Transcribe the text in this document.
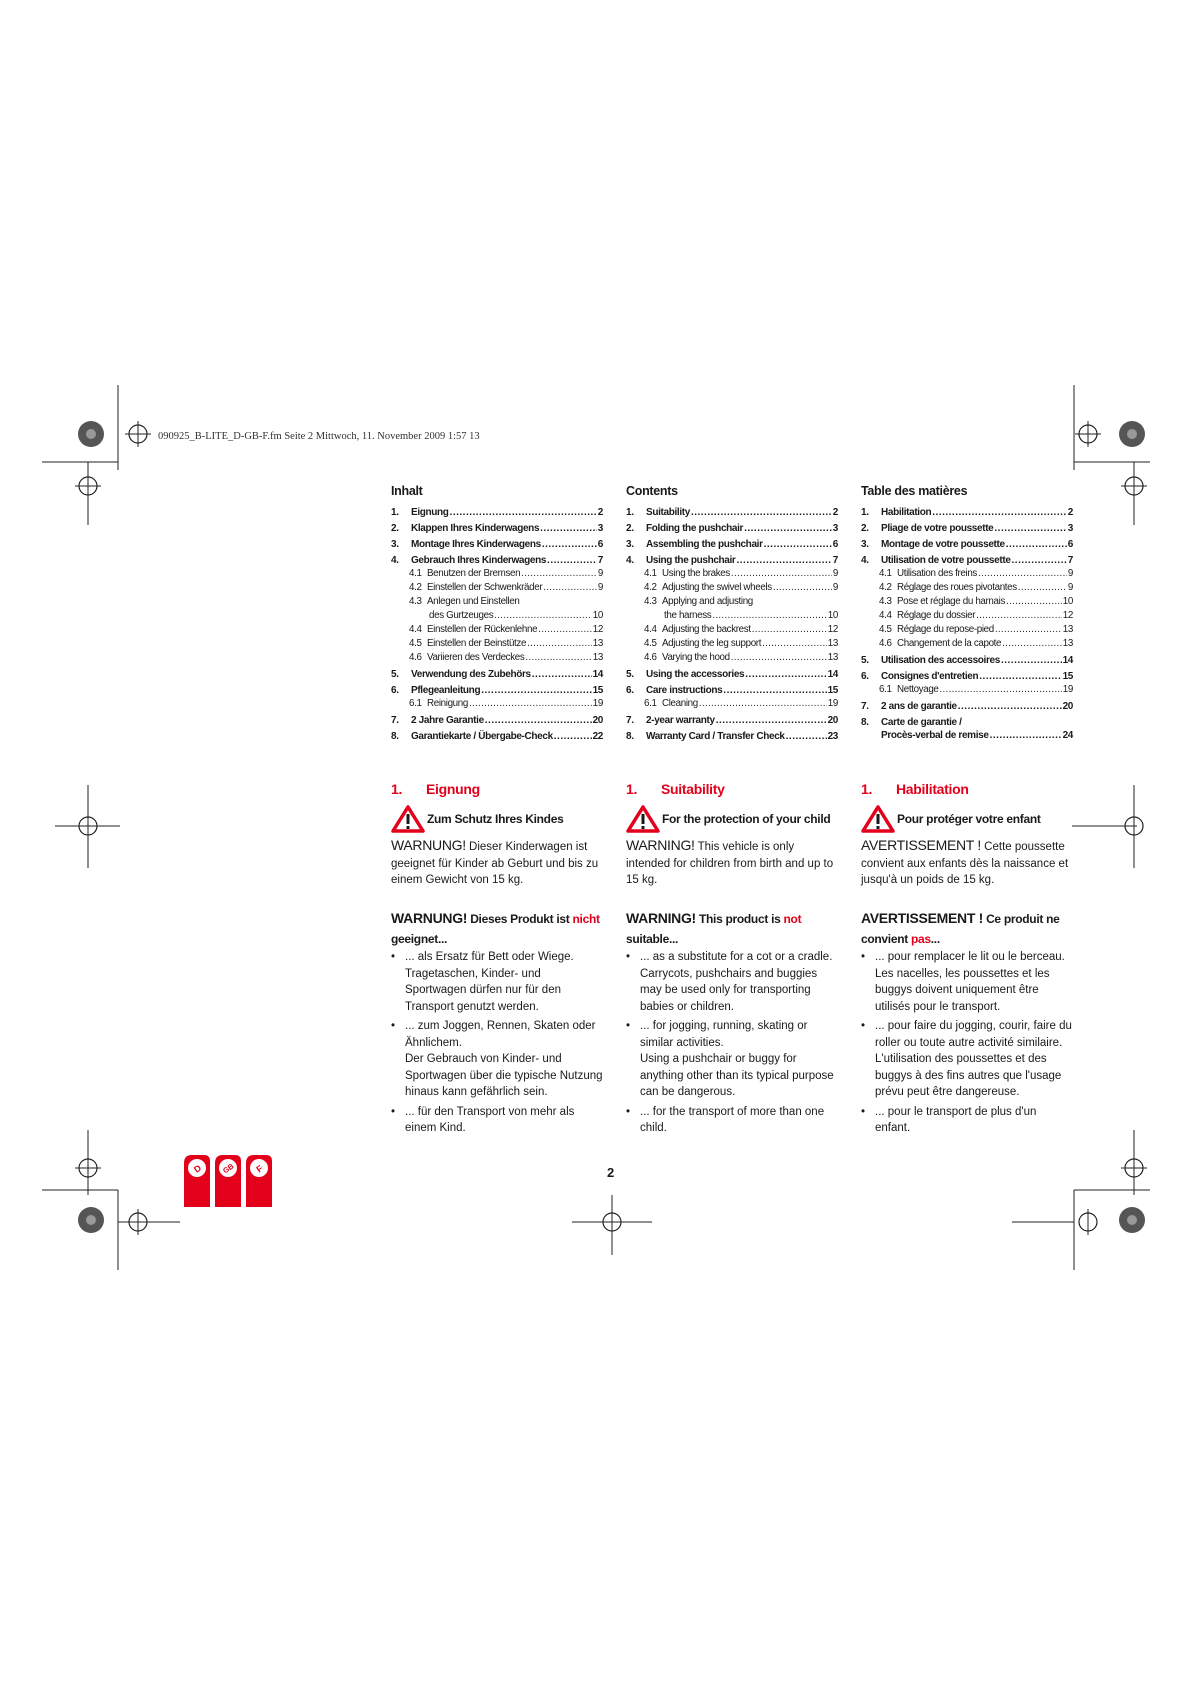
090925_B-LITE_D-GB-F.fm Seite 2 Mittwoch, 11. November 2009 1:57 13
Inhalt
1.	Eignung .....	2
2.	Klappen Ihres Kinderwagens .....	3
3.	Montage Ihres Kinderwagens .....	6
4.	Gebrauch Ihres Kinderwagens .....	7
4.1 Benutzen der Bremsen .....	9
4.2 Einstellen der Schwenkräder .....	9
4.3 Anlegen und Einstellen
des Gurtzeuges .....	10
4.4 Einstellen der Rückenlehne .....	12
4.5 Einstellen der Beinstütze .....	13
4.6 Variieren des Verdeckes .....	13
5.	Verwendung des Zubehörs .....	14
6.	Pflegeanleitung .....	15
6.1 Reinigung .....	19
7.	2 Jahre Garantie .....	20
8.	Garantiekarte / Übergabe-Check .....	22
1. Eignung
Zum Schutz Ihres Kindes
WARNUNG! Dieser Kinderwagen ist geeignet für Kinder ab Geburt und bis zu einem Gewicht von 15 kg.
WARNUNG! Dieses Produkt ist nicht geeignet...
• ... als Ersatz für Bett oder Wiege.
Tragetaschen, Kinder- und Sportwagen dürfen nur für den Transport genutzt werden.
• ... zum Joggen, Rennen, Skaten oder Ähnlichem.
Der Gebrauch von Kinder- und Sportwagen über die typische Nutzung hinaus kann gefährlich sein.
• ... für den Transport von mehr als einem Kind.
Contents
1.	Suitability .....	2
2.	Folding the pushchair .....	3
3.	Assembling the pushchair .....	6
4.	Using the pushchair .....	7
4.1 Using the brakes .....	9
4.2 Adjusting the swivel wheels .....	9
4.3 Applying and adjusting
the harness .....	10
4.4 Adjusting the backrest .....	12
4.5 Adjusting the leg support .....	13
4.6 Varying the hood .....	13
5.	Using the accessories .....	14
6.	Care instructions .....	15
6.1 Cleaning .....	19
7.	2-year warranty .....	20
8.	Warranty Card / Transfer Check .....	23
1. Suitability
For the protection of your child
WARNING! This vehicle is only intended for children from birth and up to 15 kg.
WARNING! This product is not suitable...
• ... as a substitute for a cot or a cradle.
Carrycots, pushchairs and buggies may be used only for transporting babies or children.
• ... for jogging, running, skating or similar activities.
Using a pushchair or buggy for anything other than its typical purpose can be dangerous.
• ... for the transport of more than one child.
Table des matières
1.	Habilitation .....	2
2.	Pliage de votre poussette .....	3
3.	Montage de votre poussette .....	6
4.	Utilisation de votre poussette .....	7
4.1 Utilisation des freins .....	9
4.2 Réglage des roues pivotantes .....	9
4.3 Pose et réglage du harnais .....	10
4.4 Réglage du dossier .....	12
4.5 Réglage du repose-pied .....	13
4.6 Changement de la capote .....	13
5.	Utilisation des accessoires .....	14
6.	Consignes d'entretien .....	15
6.1 Nettoyage .....	19
7.	2 ans de garantie .....	20
8.	Carte de garantie /
Procès-verbal de remise .....	24
1. Habilitation
Pour protéger votre enfant
AVERTISSEMENT ! Cette poussette convient aux enfants dès la naissance et jusqu'à un poids de 15 kg.
AVERTISSEMENT ! Ce produit ne convient pas...
• ... pour remplacer le lit ou le berceau.
Les nacelles, les poussettes et les buggys doivent uniquement être utilisés pour le transport.
• ... pour faire du jogging, courir, faire du roller ou toute autre activité similaire.
L'utilisation des poussettes et des buggys à des fins autres que l'usage prévu peut être dangereuse.
• ... pour le transport de plus d'un enfant.
2
D GB F
